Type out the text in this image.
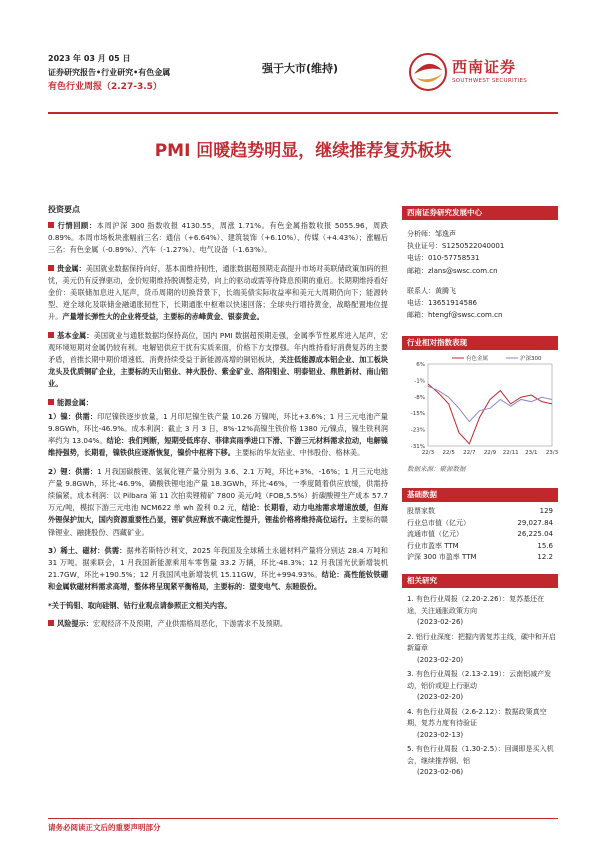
2023 年 03 月 05 日
证券研究报告•行业研究•有色金属
有色行业周报（2.27-3.5）
强于大市(维持)	西南证券
SOUTHWEST SECURITIES
PMI 回暖趋势明显，继续推荐复苏板块
投资要点

行情回顾：本周沪深 300 指数收报 4130.55，周涨 1.71%。有色金属指数收报 5055.96，周跌 0.89%。本周市场板块涨幅前三名：通信（+6.64%）、建筑装饰（+6.10%）、传媒（+4.43%）；涨幅后三名：有色金属（-0.89%）、汽车（-1.27%）、电气设备（-1.63%）。

贵金属：美国就业数据保持向好，基本面维持韧性，通胀数据超预期走高提升市场对美联储政策加码的担忧，美元仍有反弹驱动，金价短期维持脱调整走势，向上的驱动或需等待降息预期的重启。长期期维持看好金价：美联储加息进入尾声，货币周期的切换背景下，长端美债实际收益率和美元大周期仍向下；能源转型、逆全球化及联储金融通胀韧性下，长期通胀中枢难以快速回落；全球央行增持黄金，战略配置地位提升。产量增长弹性大的企业将受益，主要标的赤峰黄金、银泰黄金。

基本金属：美国就业与通胀数据均保持高位，国内 PMI 数据超预期走强，金属季节性累库进入尾声，宏观环境短期对金属仍较有利。电解铝供应干扰有实质来面，价格下方支撑强。年内维持看好消费复苏的主要矛盾，首推长期中期价增速低、消费持续受益于新能源高增的铜铝板块，关注低能源成本铝企业、加工板块龙头及优质铜矿企业，主要标的天山铝业、神火股份、紫金矿业、洛阳钼业、明泰铝业、鼎胜新材、南山铝业。

能源金属：

1）镍：供需：印尼镍铁逐步放量，1 月印尼镍生铁产量 10.26 万镍吨，环比+3.6%；1 月三元电池产量 9.8GWh，环比-46.9%。成本利润：截止 3 月 3 日，8%-12%高镍生铁价格 1380 元/镍点，镍生铁利润率约为 13.04%。结论：我们判断，短期受低库存、菲律宾雨季进口下滑、下游三元材料需求拉动，电解镍维持强势，长期看，镍铁供应逐渐恢复，镍价中枢将下移。主要标的华友钴业、中伟股份、格林美。

2）锂：供需：1 月我国碳酸锂、氢氧化锂产量分别为 3.6、2.1 万吨，环比+3%、-16%；1 月三元电池产量 9.8GWh，环比-46.9%，磷酸铁锂电池产量 18.3GWh，环比-46%，一季度随着供应放缓，供需持续偏紧。成本利润：以 Pilbara 第 11 次拍卖锂精矿 7800 美元/吨（FOB,5.5%）折碳酸锂生产成本 57.7 万元/吨，模拟下游三元电池 NCM622 单 wh 盈利 0.2 元，结论：长期看，动力电池需求增速放缓，但海外锂保护加大，国内资源重要性凸显，锂矿供应释放不确定性提升，锂盐价格将维持高位运行。主要标的赣锋锂业、融捷股份、西藏矿业。

3）稀土、磁材：供需：据弗若斯特沙利文，2025 年我国及全球稀土永磁材料产量将分别达 28.4 万吨和 31 万吨。据乘联会，1 月我国新能源乘用车零售量 33.2 万辆，环比-48.3%；12 月我国光伏新增装机 21.7GW，环比+190.5%；12 月我国风电新增装机 15.11GW，环比+994.93%。结论：高性能钕铁硼和金属软磁材料需求高增，整体将呈现紧平衡格局，主要标的：望变电气、东睦股份。

*关于钨钼、取向硅钢、钴行业观点请参照正文相关内容。

风险提示：宏观经济不及预期，产业供需格局恶化，下游需求不及预期。

西南证券研究发展中心
分析师：邹逸声
执业证号：S1250522040001
电话：010-57758531
邮箱：zlans@swsc.com.cn
联系人：黄腾飞
电话：13651914586
邮箱：htengf@swsc.com.cn
行业相对指数表现
6%
-1%
-8%
-15%
-23%
-31%
22/3 22/5 22/7 22/9 22/11 23/1 23/3
有色金属	沪深300
数据来源：聚源数据
基础数据
股票家数	129
行业总市值（亿元）	29,027.84
流通市值（亿元）	26,225.04
行业市盈率 TTM	15.6
沪深 300 市盈率 TTM	12.2
相关研究
1. 有色行业周报（2.20-2.26）：复苏基还在途，关注通胀政策方向
(2023-02-26)
2. 铝行业深度：把握内需复苏主线，碳中和开启新篇章
(2023-02-20)
3. 有色行业周报（2.13-2.19）：云南铝减产发动，铝价或迎上行驱动
(2023-02-20)
4. 有色行业周报（2.6-2.12）：数据政策真空期，复苏力度有待验证
(2023-02-13)
5. 有色行业周报（1.30-2.5）：回调即是买入机会，继续推荐钢、铝
(2023-02-06)
请务必阅读正文后的重要声明部分
